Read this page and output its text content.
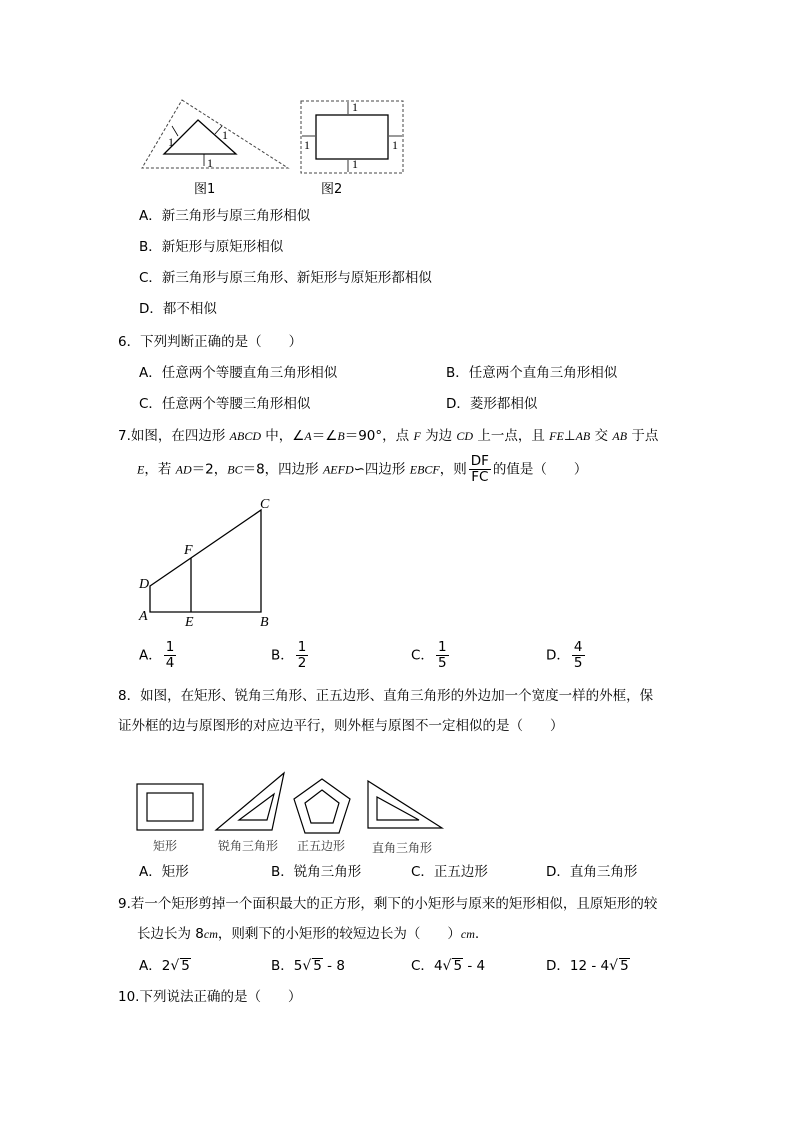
1	1
1
图1
1
1	1
1
图2
A．新三角形与原三角形相似
B．新矩形与原矩形相似
C．新三角形与原三角形、新矩形与原矩形都相似
D．都不相似
6．下列判断正确的是（　　）
A．任意两个等腰直角三角形相似	B．任意两个直角三角形相似
C．任意两个等腰三角形相似	D．菱形都相似
7.如图，在四边形 ABCD 中，∠A＝∠B＝90°，点 F 为边 CD 上一点，且 FE⊥AB 交 AB 于点
E，若 AD＝2，BC＝8，四边形 AEFD∽四边形 EBCF，则 $\frac{DF}{FC}$ 的值是（　　）
C
F
D
A	E	B
A． $\frac{1}{4}$	B． $\frac{1}{2}$	C． $\frac{1}{5}$	D． $\frac{4}{5}$
8．如图，在矩形、锐角三角形、正五边形、直角三角形的外边加一个宽度一样的外框，保
证外框的边与原图形的对应边平行，则外框与原图不一定相似的是（　　）
矩形	锐角三角形 正五边形 直角三角形
A．矩形	B．锐角三角形	C．正五边形	D．直角三角形
9.若一个矩形剪掉一个面积最大的正方形，剩下的小矩形与原来的矩形相似，且原矩形的较
长边长为 8cm，则剩下的小矩形的较短边长为（　　）cm.
A．2√ 5	B．5√ 5 - 8	C．4√ 5 - 4	D．12 - 4√ 5
10.下列说法正确的是（　　）
